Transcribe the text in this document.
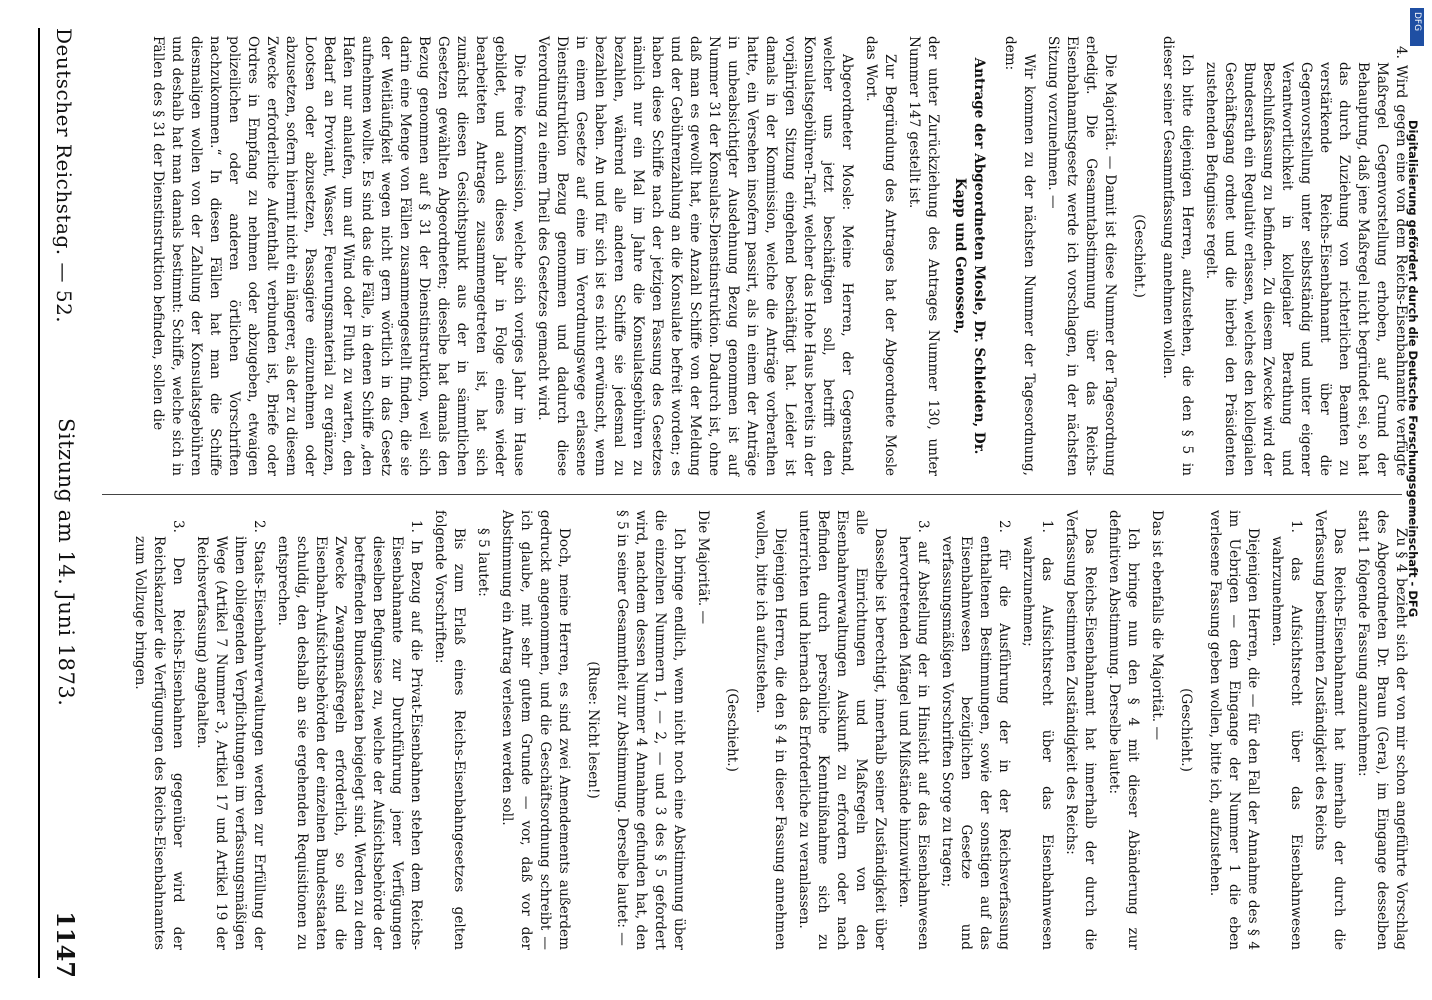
Deutscher Reichstag. — 52.
Sitzung am 14. Juni 1873.
1147

4. Wird gegen eine von dem Reichs-Eisenbahnamte verfügte Maßregel Gegenvorstellung erhoben, auf Grund der Behauptung, daß jene Maßregel nicht begründet sei, so hat das durch Zuziehung von richterlichen Beamten zu verstärkende Reichs-Eisenbahnamt über die Gegenvorstellung unter selbstständig und unter eigener Verantwortlichkeit in kollegialer Berathung und Beschlußfassung zu befinden. Zu diesem Zwecke wird der Bundesrath ein Regulativ erlassen, welches den kollegialen Geschäftsgang ordnet und die hierbei den Präsidenten zustehenden Befugnisse regelt.

Ich bitte diejenigen Herren, aufzustehen, die den § 5 in dieser seiner Gesammtfassung annehmen wollen.

(Geschieht.)

Die Majorität. — Damit ist diese Nummer der Tagesordnung erledigt. Die Gesammtabstimmung über das Reichs-Eisenbahnamtsgesetz werde ich vorschlagen, in der nächsten Sitzung vorzunehmen. —

Wir kommen zu der nächsten Nummer der Tagesordnung, dem:

Antrage der Abgeordneten Mosle, Dr. Schleiden, Dr. Kapp und Genossen,

der unter Zurückziehung des Antrages Nummer 130, unter Nummer 147 gestellt ist.

Zur Begründung des Antrages hat der Abgeordnete Mosle das Wort.

Abgeordneter Mosle: Meine Herren, der Gegenstand, welcher uns jetzt beschäftigen soll, betrifft den Konsulatsgebühren-Tarif, welcher das Hohe Haus bereits in der vorjährigen Sitzung eingehend beschäftigt hat. Leider ist damals in der Kommission, welche die Anträge vorberathen hatte, ein Versehen insofern passirt, als in einem der Anträge in unbeabsichtigter Ausdehnung Bezug genommen ist auf Nummer 31 der Konsulats-Dienstinstruktion. Dadurch ist, ohne daß man es gewollt hat, eine Anzahl Schiffe von der Meldung und der Gebührenzahlung an die Konsulate befreit worden; es haben diese Schiffe nach der jetzigen Fassung des Gesetzes nämlich nur ein Mal im Jahre die Konsulatsgebühren zu bezahlen, während alle anderen Schiffe sie jedesmal zu bezahlen haben. An und für sich ist es nicht erwünscht, wenn in einem Gesetze auf eine im Verordnungswege erlassene Dienstinstruktion Bezug genommen und dadurch diese Verordnung zu einem Theil des Gesetzes gemacht wird.

Die freie Kommission, welche sich voriges Jahr im Hause gebildet, und auch dieses Jahr in Folge eines wieder bearbeiteten Antrages zusammengetreten ist, hat sich zunächst diesen Gesichtspunkt aus der in sämmtlichen Gesetzen gewählten Abgeordneten; dieselbe hat damals den Bezug genommen auf § 31 der Dienstinstruktion, weil sich darin eine Menge von Fällen zusammengestellt finden, die sie der Weitläufigkeit wegen nicht gern wörtlich in das Gesetz aufnehmen wollte. Es sind das die Fälle, in denen Schiffe „den Hafen nur anlaufen, um auf Wind oder Fluth zu warten, den Bedarf an Proviant, Wasser, Feuerungsmaterial zu ergänzen, Lootsen oder abzusetzen, Passagiere einzunehmen oder abzusetzen, sofern hiermit nicht ein längerer, als der zu diesem Zwecke erforderliche Aufenthalt verbunden ist, Briefe oder Ordres in Empfang zu nehmen oder abzugeben, etwaigen polizeilichen oder anderen örtlichen Vorschriften nachzukommen.“ In diesen Fällen hat man die Schiffe diesmaligen wollen von der Zahlung der Konsulatsgebühren und deshalb hat man damals bestimmt: Schiffe, welche sich in Fällen des § 31 der Dienstinstruktion befinden, sollen die

Zu § 4 bezieht sich der von mir schon angeführte Vorschlag des Abgeordneten Dr. Braun (Gera), im Eingange desselben statt 1 folgende Fassung anzunehmen:

Das Reichs-Eisenbahnamt hat innerhalb der durch die Verfassung bestimmten Zuständigkeit des Reichs

1. das Aufsichtsrecht über das Eisenbahnwesen wahrzunehmen.

Diejenigen Herren, die — für den Fall der Annahme des § 4 im Uebrigen — dem Eingange der Nummer 1 die eben verlesene Fassung geben wollen, bitte ich, aufzustehen.

(Geschieht.)

Das ist ebenfalls die Majorität. —

Ich bringe nun den § 4 mit dieser Abänderung zur definitiven Abstimmung. Derselbe lautet:

Das Reichs-Eisenbahnamt hat innerhalb der durch die Verfassung bestimmten Zuständigkeit des Reichs:

1. das Aufsichtsrecht über das Eisenbahnwesen wahrzunehmen;

2. für die Ausführung der in der Reichsverfassung enthaltenen Bestimmungen, sowie der sonstigen auf das Eisenbahnwesen bezüglichen Gesetze und verfassungsmäßigen Vorschriften Sorge zu tragen;

3. auf Abstellung der in Hinsicht auf das Eisenbahnwesen hervortretenden Mängel und Mißstände hinzuwirken.

Dasselbe ist berechtigt, innerhalb seiner Zuständigkeit über alle Einrichtungen und Maßregeln von den Eisenbahnverwaltungen Auskunft zu erfordern oder nach Befinden durch persönliche Kenntnißnahme sich zu unterrichten und hiernach das Erforderliche zu veranlassen.

Diejenigen Herren, die den § 4 in dieser Fassung annehmen wollen, bitte ich aufzustehen.

(Geschieht.)

Die Majorität. —

Ich bringe endlich, wenn nicht noch eine Abstimmung über die einzelnen Nummern 1, — 2, — und 3 des § 5 gefordert wird, nachdem dessen Nummer 4 Annahme gefunden hat, den § 5 in seiner Gesammtheit zur Abstimmung. Derselbe lautet: —

(Ruse: Nicht lesen!)

Doch, meine Herren, es sind zwei Amendements außerdem gedruckt angenommen, und die Geschäftsordnung schreibt — ich glaube, mit sehr gutem Grunde — vor, daß vor der Abstimmung ein Antrag verlesen werden soll.

§ 5 lautet:

Bis zum Erlaß eines Reichs-Eisenbahngesetzes gelten folgende Vorschriften:

1. In Bezug auf die Privat-Eisenbahnen stehen dem Reichs-Eisenbahnamte zur Durchführung jener Verfügungen dieselben Befugnisse zu, welche der Aufsichtsbehörde der betreffenden Bundesstaaten beigelegt sind. Werden zu dem Zwecke Zwangsmaßregeln erforderlich, so sind die Eisenbahn-Aufsichtsbehörden der einzelnen Bundesstaaten schuldig, den deshalb an sie ergehenden Requisitionen zu entsprechen.

2. Staats-Eisenbahnverwaltungen werden zur Erfüllung der ihnen obliegenden Verpflichtungen im verfassungsmäßigen Wege (Artikel 7 Nummer 3, Artikel 17 und Artikel 19 der Reichsverfassung) angehalten.

3. Den Reichs-Eisenbahnen gegenüber wird der Reichskanzler die Verfügungen des Reichs-Eisenbahnamtes zum Vollzuge bringen.

DFG
Digitalisierung gefördert durch die Deutsche Forschungsgemeinschaft - DFG
